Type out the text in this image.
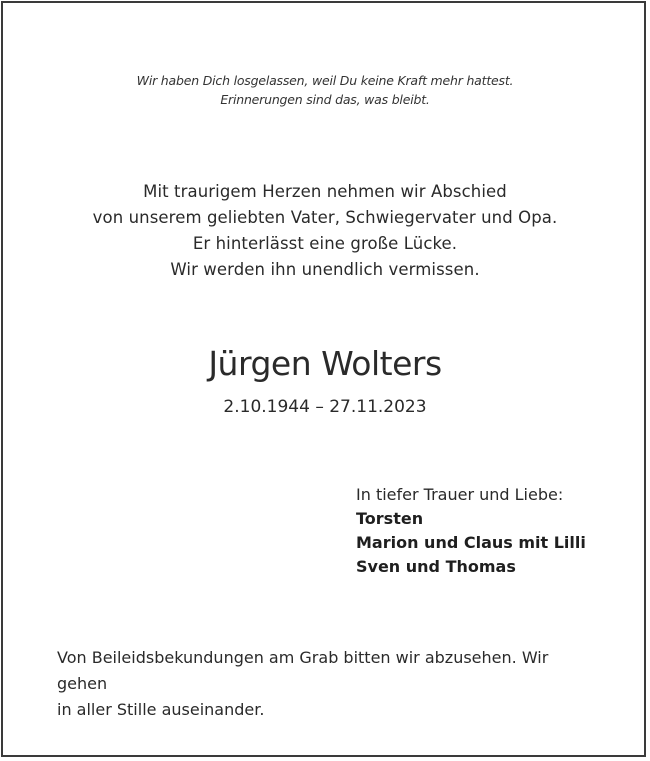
Wir haben Dich losgelassen, weil Du keine Kraft mehr hattest.
Erinnerungen sind das, was bleibt.
Mit traurigem Herzen nehmen wir Abschied
von unserem geliebten Vater, Schwiegervater und Opa.
Er hinterlässt eine große Lücke.
Wir werden ihn unendlich vermissen.
Jürgen Wolters
2.10.1944 – 27.11.2023
In tiefer Trauer und Liebe:
Torsten
Marion und Claus mit Lilli
Sven und Thomas
Von Beileidsbekundungen am Grab bitten wir abzusehen. Wir gehen
in aller Stille auseinander.
